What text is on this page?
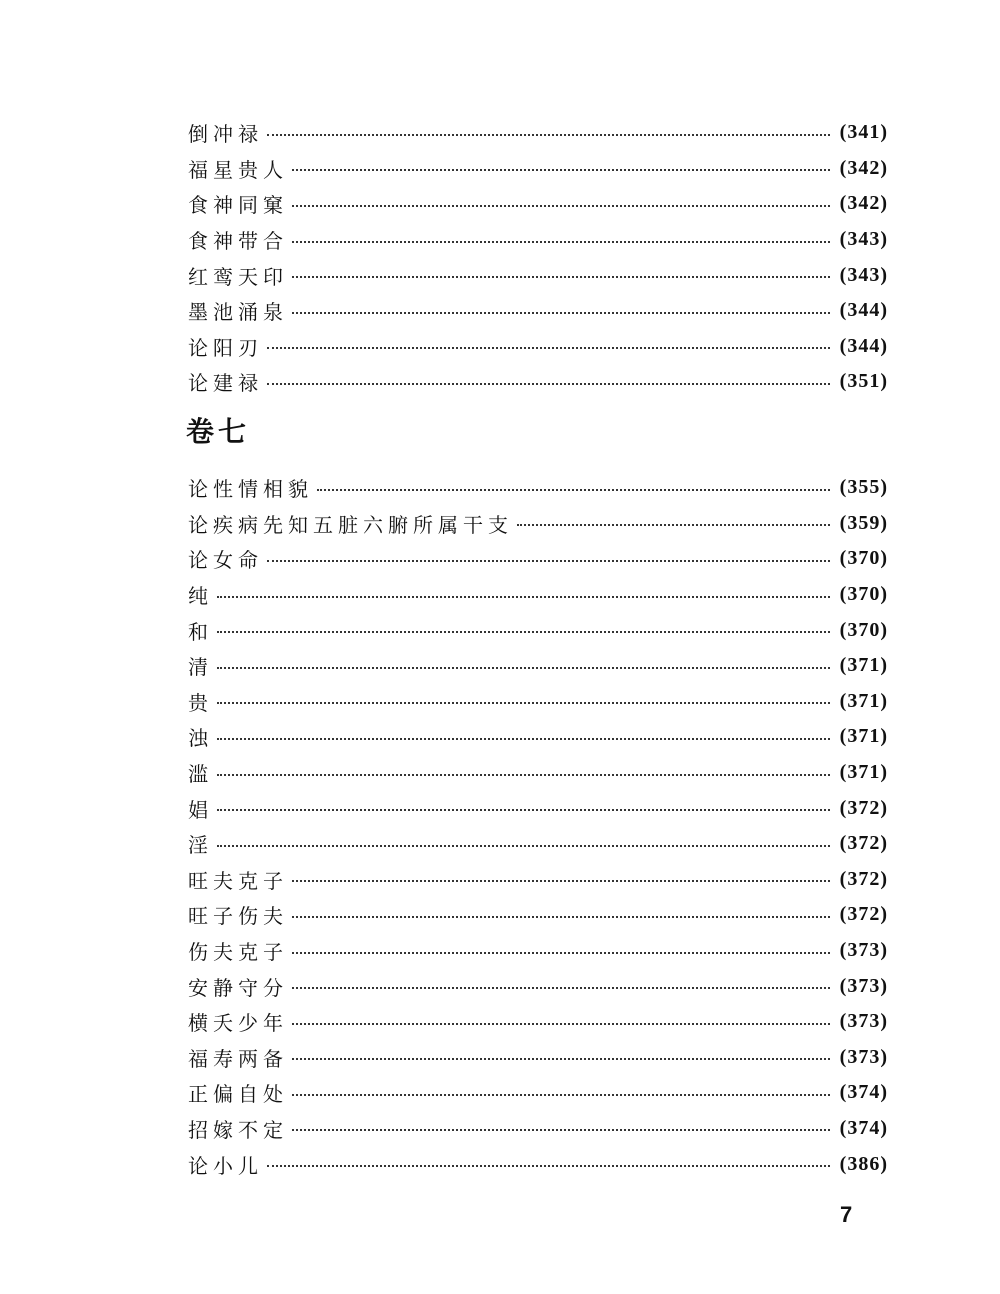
倒冲禄	(341)
福星贵人	(342)
食神同窠	(342)
食神带合	(343)
红鸾天印	(343)
墨池涌泉	(344)
论阳刃	(344)
论建禄	(351)
卷七
论性情相貌	(355)
论疾病先知五脏六腑所属干支	(359)
论女命	(370)
纯	(370)
和	(370)
清	(371)
贵	(371)
浊	(371)
滥	(371)
娼	(372)
淫	(372)
旺夫克子	(372)
旺子伤夫	(372)
伤夫克子	(373)
安静守分	(373)
横夭少年	(373)
福寿两备	(373)
正偏自处	(374)
招嫁不定	(374)
论小儿	(386)
7
